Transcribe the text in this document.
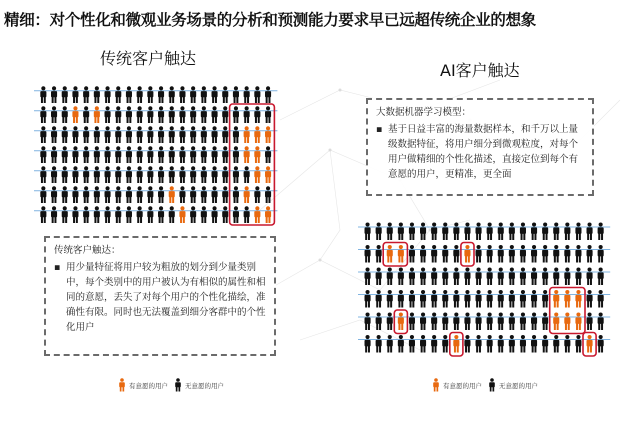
精细：对个性化和微观业务场景的分析和预测能力要求早已远超传统企业的想象
传统客户触达
传统客户触达：
▪ 用少量特征将用户较为粗放的划分到少量类别中，每个类别中的用户被认为有相似的属性和相同的意愿，丢失了对每个用户的个性化描绘，准确性有限。同时也无法覆盖到细分客群中的个性化用户
有意愿的用户	无意愿的用户
AI客户触达
大数据机器学习模型：
▪ 基于日益丰富的海量数据样本，和千万以上量级数据特征，将用户细分到微观粒度，对每个用户做精细的个性化描述，直接定位到每个有意愿的用户，更精准，更全面
有意愿的用户	无意愿的用户
